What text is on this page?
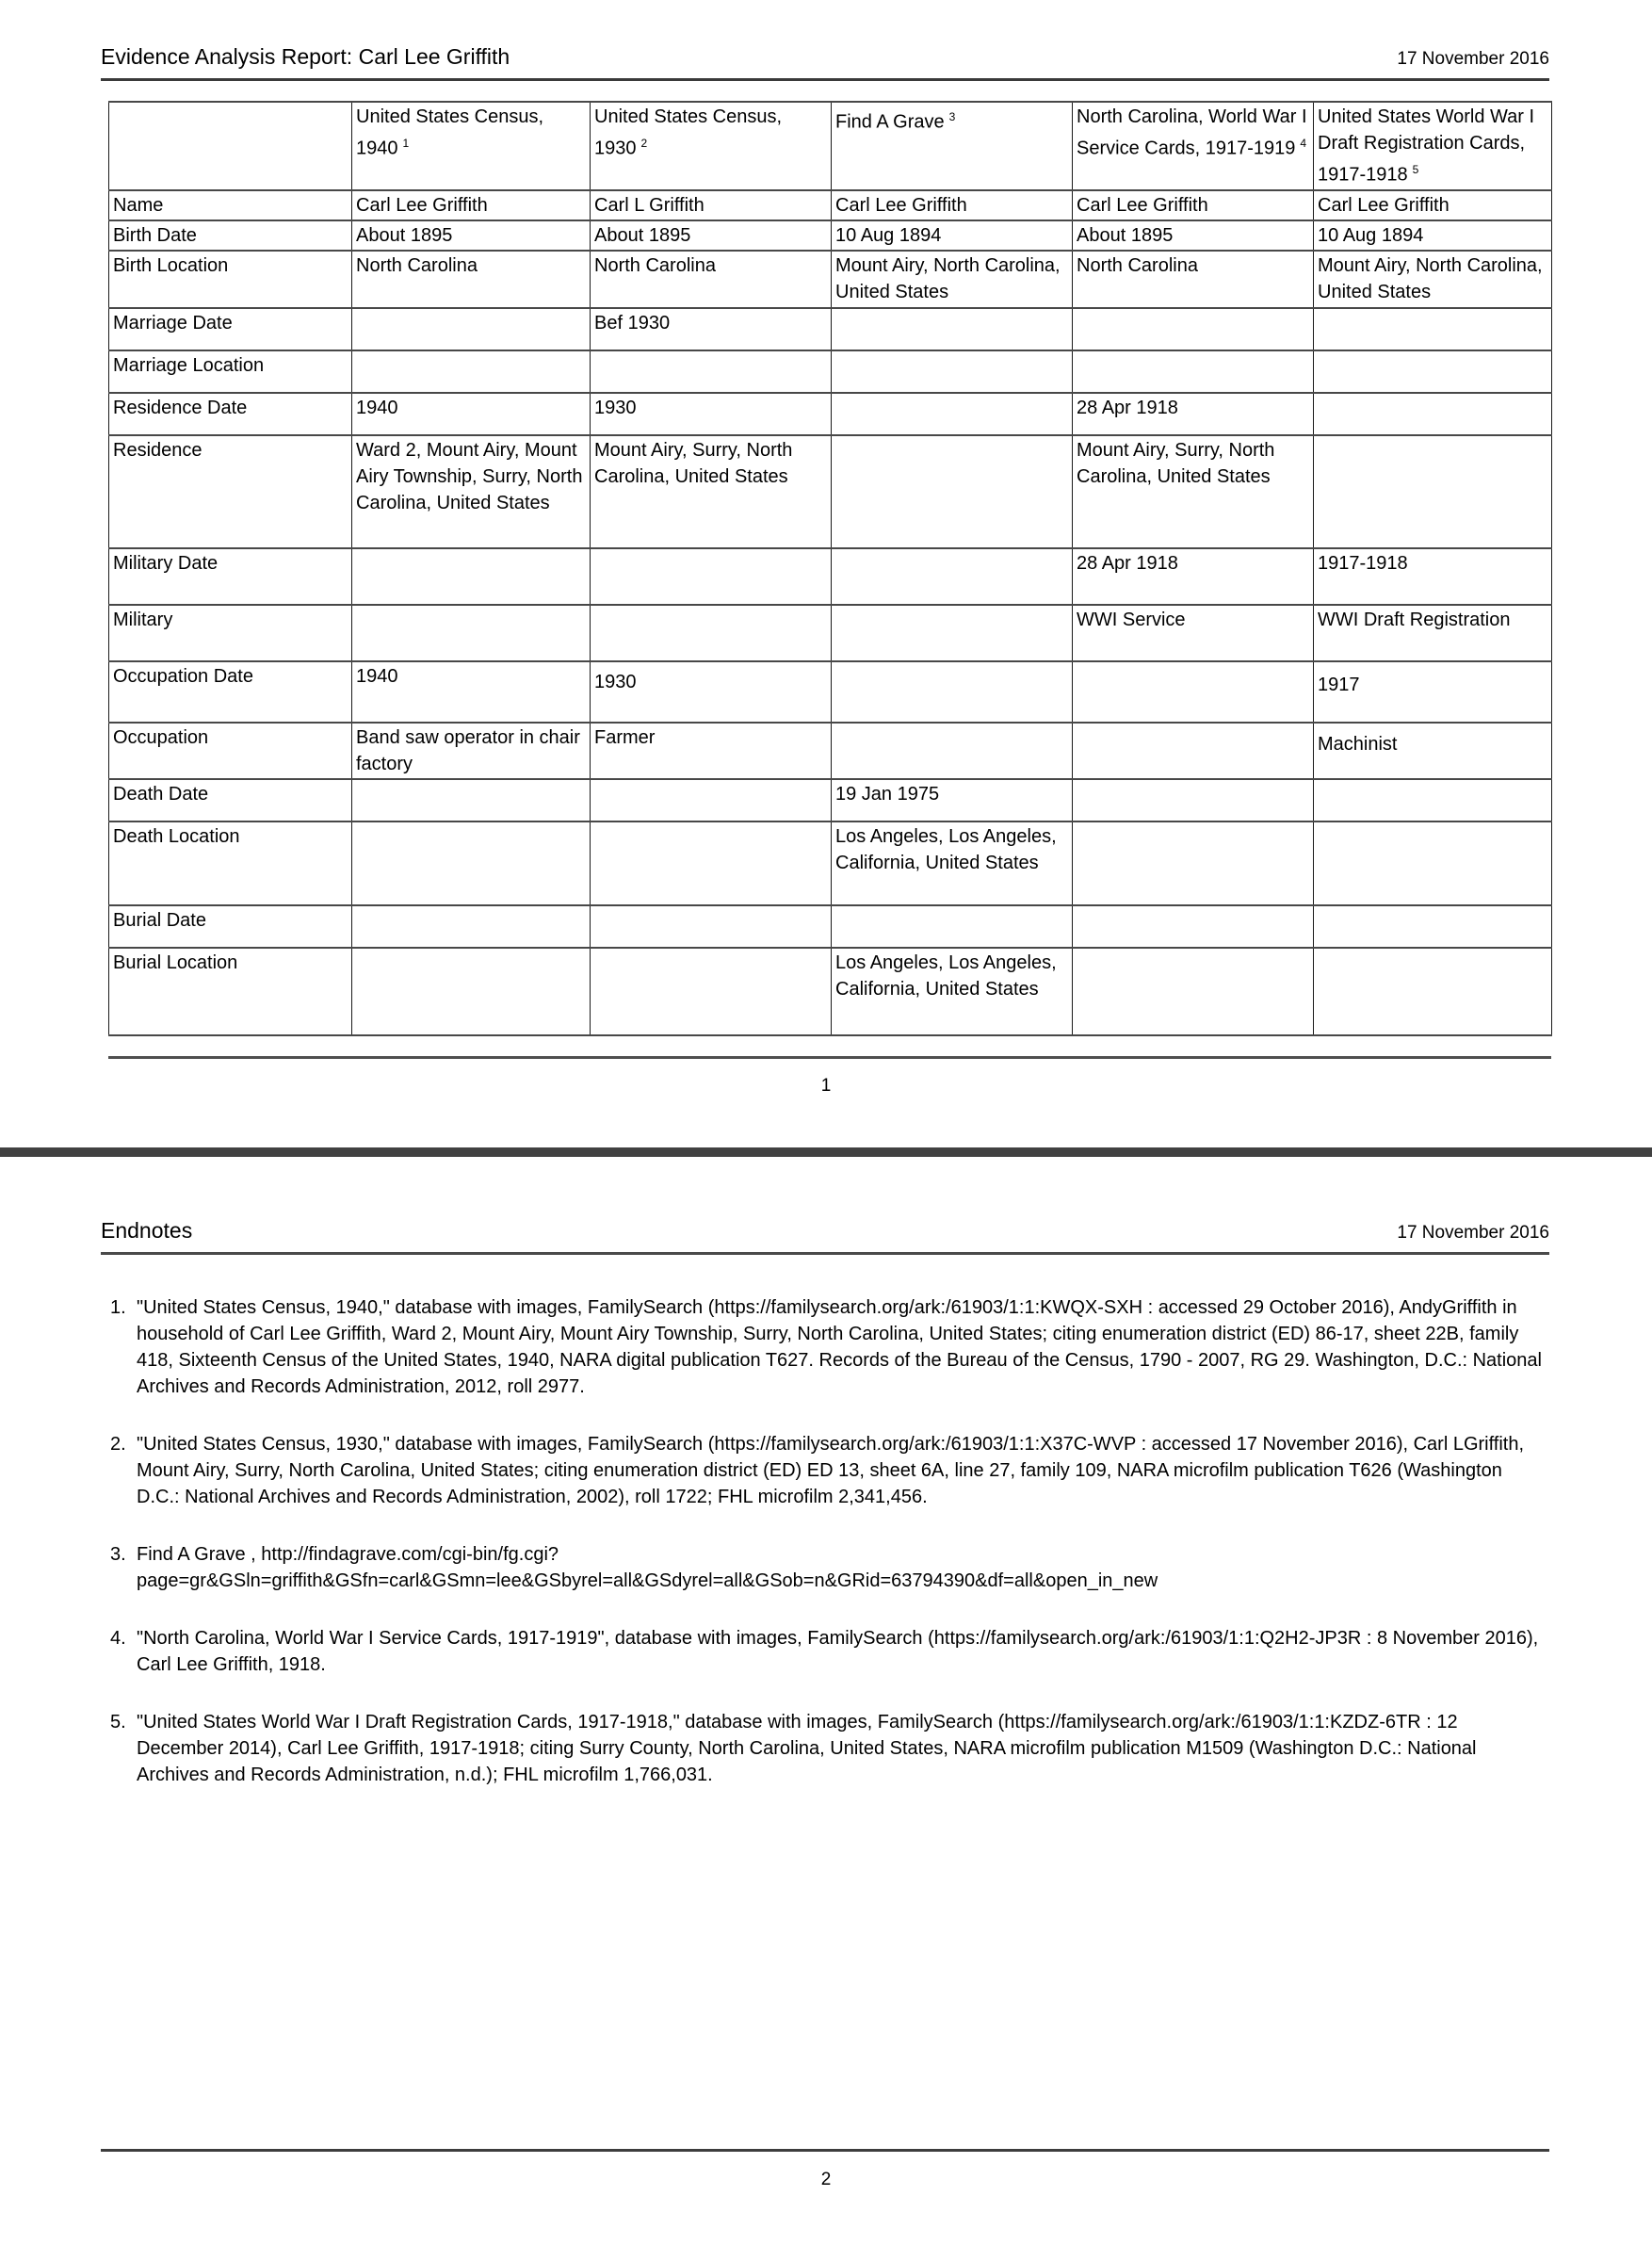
Evidence Analysis Report: Carl Lee Griffith	17 November 2016
	United States Census, 1940 $^1$	United States Census, 1930 $^2$	Find A Grave $^3$	North Carolina, World War I Service Cards, 1917-1919 $^4$	United States World War I Draft Registration Cards, 1917-1918 $^5$
Name	Carl Lee Griffith	Carl L Griffith	Carl Lee Griffith	Carl Lee Griffith	Carl Lee Griffith
Birth Date	About 1895	About 1895	10 Aug 1894	About 1895	10 Aug 1894
Birth Location	North Carolina	North Carolina	Mount Airy, North Carolina, United States	North Carolina	Mount Airy, North Carolina, United States
Marriage Date		Bef 1930			
Marriage Location					
Residence Date	1940	1930		28 Apr 1918	
Residence	Ward 2, Mount Airy, Mount Airy Township, Surry, North Carolina, United States	Mount Airy, Surry, North Carolina, United States		Mount Airy, Surry, North Carolina, United States	
Military Date				28 Apr 1918	1917-1918
Military				WWI Service	WWI Draft Registration
Occupation Date	1940	1930			1917
Occupation	Band saw operator in chair factory	Farmer			Machinist
Death Date			19 Jan 1975		
Death Location			Los Angeles, Los Angeles, California, United States		
Burial Date					
Burial Location			Los Angeles, Los Angeles, California, United States		
1
Endnotes	17 November 2016
1. "United States Census, 1940," database with images, FamilySearch (https://familysearch.org/ark:/61903/1:1:KWQX-SXH : accessed 29 October 2016), AndyGriffith in household of Carl Lee Griffith, Ward 2, Mount Airy, Mount Airy Township, Surry, North Carolina, United States; citing enumeration district (ED) 86-17, sheet 22B, family 418, Sixteenth Census of the United States, 1940, NARA digital publication T627. Records of the Bureau of the Census, 1790 - 2007, RG 29. Washington, D.C.: National Archives and Records Administration, 2012, roll 2977.
2. "United States Census, 1930," database with images, FamilySearch (https://familysearch.org/ark:/61903/1:1:X37C-WVP : accessed 17 November 2016), Carl LGriffith, Mount Airy, Surry, North Carolina, United States; citing enumeration district (ED) ED 13, sheet 6A, line 27, family 109, NARA microfilm publication T626 (Washington D.C.: National Archives and Records Administration, 2002), roll 1722; FHL microfilm 2,341,456.
3. Find A Grave , http://findagrave.com/cgi-bin/fg.cgi?page=gr&GSln=griffith&GSfn=carl&GSmn=lee&GSbyrel=all&GSdyrel=all&GSob=n&GRid=63794390&df=all&open_in_new
4. "North Carolina, World War I Service Cards, 1917-1919", database with images, FamilySearch (https://familysearch.org/ark:/61903/1:1:Q2H2-JP3R : 8 November 2016), Carl Lee Griffith, 1918.
5. "United States World War I Draft Registration Cards, 1917-1918," database with images, FamilySearch (https://familysearch.org/ark:/61903/1:1:KZDZ-6TR : 12 December 2014), Carl Lee Griffith, 1917-1918; citing Surry County, North Carolina, United States, NARA microfilm publication M1509 (Washington D.C.: National Archives and Records Administration, n.d.); FHL microfilm 1,766,031.
2
